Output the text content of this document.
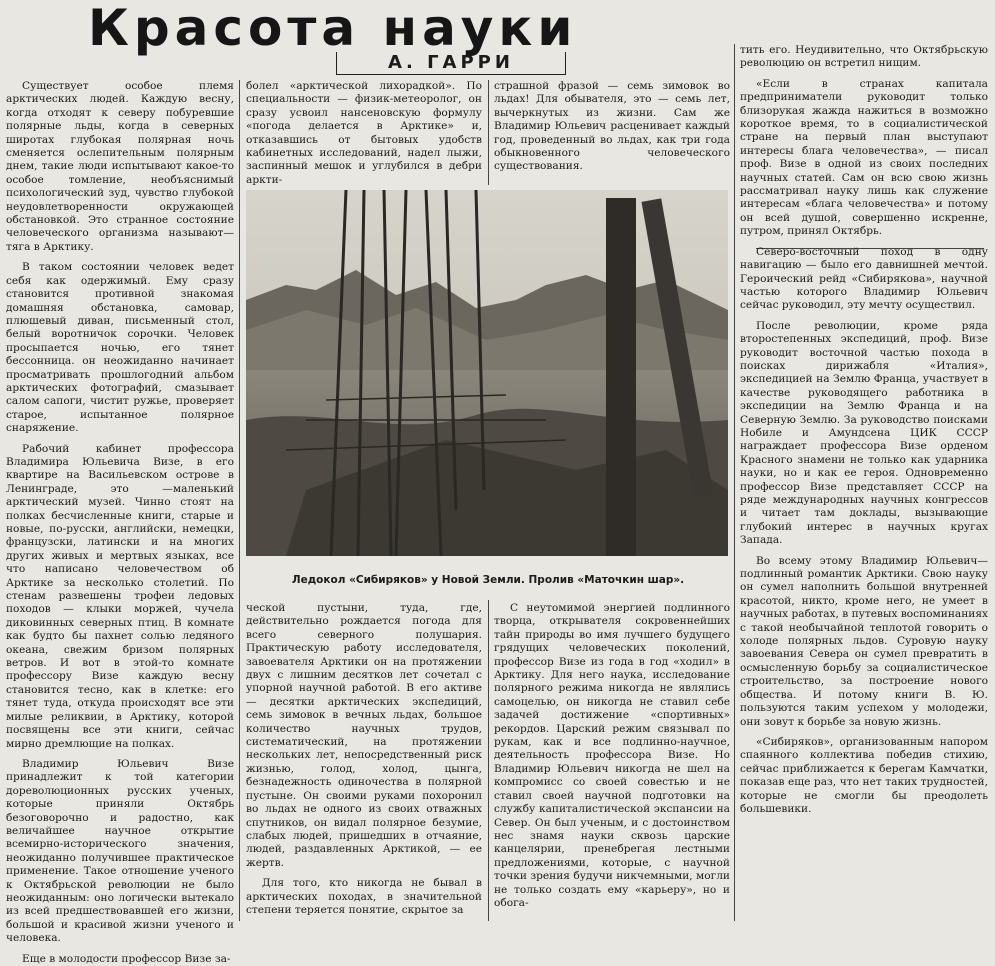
Красота науки
А. ГАРРИ

Существует особое племя арктических людей. Каждую весну, когда отходят к северу побуревшие полярные льды, когда в северных широтах глубокая полярная ночь сменяется ослепительным полярным днем, такие люди испытывают какое-то особое томление, необъяснимый психологический зуд, чувство глубокой неудовлетворенности окружающей обстановкой. Это странное состояние человеческого организма называют—тяга в Арктику.

В таком состоянии человек ведет себя как одержимый. Ему сразу становится противной знакомая домашняя обстановка, самовар, плюшевый диван, письменный стол, белый воротничок сорочки. Человек просыпается ночью, его тянет бессонница. он неожиданно начинает просматривать прошлогодний альбом арктических фотографий, смазывает салом сапоги, чистит ружье, проверяет старое, испытанное полярное снаряжение.

Рабочий кабинет профессора Владимира Юльевича Визе, в его квартире на Васильевском острове в Ленинграде, это —маленький арктический музей. Чинно стоят на полках бесчисленные книги, старые и новые, по-русски, английски, немецки, французски, латински и на многих других живых и мертвых языках, все что написано человечеством об Арктике за несколько столетий. По стенам развешены трофеи ледовых походов — клыки моржей, чучела диковинных северных птиц. В комнате как будто бы пахнет солью ледяного океана, свежим бризом полярных ветров. И вот в этой-то комнате профессору Визе каждую весну становится тесно, как в клетке: его тянет туда, откуда происходят все эти милые реликвии, в Арктику, которой посвящены все эти книги, сейчас мирно дремлющие на полках.

Владимир Юльевич Визе принадлежит к той категории дореволюционных русских ученых, которые приняли Октябрь безоговорочно и радостно, как величайшее научное открытие всемирно-исторического значения, неожиданно получившее практическое применение. Такое отношение ученого к Октябрьской революции не было неожиданным: оно логически вытекало из всей предшествовавшей его жизни, большой и красивой жизни ученого и человека.

Еще в молодости профессор Визе за-

болел «арктической лихорадкой». По специальности — физик-метеоролог, он сразу усвоил нансеновскую формулу «погода делается в Арктике» и, отказавшись от бытовых удобств кабинетных исследований, надел лыжи, заспинный мешок и углубился в дебри аркти-

страшной фразой — семь зимовок во льдах! Для обывателя, это — семь лет, вычеркнутых из жизни. Сам же Владимир Юльевич расценивает каждый год, проведенный во льдах, как три года обыкновенного человеческого существования.

Ледокол «Сибиряков» у Новой Земли. Пролив «Маточкин шар».

ческой пустыни, туда, где, действительно рождается погода для всего северного полушария. Практическую работу исследователя, завоевателя Арктики он на протяжении двух с лишним десятков лет сочетал с упорной научной работой. В его активе — десятки арктических экспедиций, семь зимовок в вечных льдах, большое количество научных трудов, систематический, на протяжении нескольких лет, непосредственный риск жизнью, голод, холод, цынга, безнадежность одиночества в полярной пустыне. Он своими руками похоронил во льдах не одного из своих отважных спутников, он видал полярное безумие, слабых людей, пришедших в отчаяние, людей, раздавленных Арктикой, — ее жертв.

Для того, кто никогда не бывал в арктических походах, в значительной степени теряется понятие, скрытое за

С неутомимой энергией подлинного творца, открывателя сокровеннейших тайн природы во имя лучшего будущего грядущих человеческих поколений, профессор Визе из года в год «ходил» в Арктику. Для него наука, исследование полярного режима никогда не являлись самоцелью, он никогда не ставил себе задачей достижение «спортивных» рекордов. Царский режим связывал по рукам, как и все подлинно-научное, деятельность профессора Визе. Но Владимир Юльевич никогда не шел на компромисс со своей совестью и не ставил своей научной подготовки на службу капиталистической экспансии на Север. Он был ученым, и с достоинством нес знамя науки сквозь царские канцелярии, пренебрегая лестными предложениями, которые, с научной точки зрения будучи никчемными, могли не только создать ему «карьеру», но и обога-

тить его. Неудивительно, что Октябрьскую революцию он встретил нищим.

«Если в странах капитала предприниматели руководит только близорукая жажда нажиться в возможно короткое время, то в социалистической стране на первый план выступают интересы блага человечества», — писал проф. Визе в одной из своих последних научных статей. Сам он всю свою жизнь рассматривал науку лишь как служение интересам «блага человечества» и потому он всей душой, совершенно искренне, путром, принял Октябрь.

Северо-восточный поход в одну навигацию — было его давнишней мечтой. Героический рейд «Сибирякова», научной частью которого Владимир Юльевич сейчас руководил, эту мечту осуществил.

После революции, кроме ряда второстепенных экспедиций, проф. Визе руководит восточной частью похода в поисках дирижабля «Италия», экспедицией на Землю Франца, участвует в качестве руководящего работника в экспедиции на Землю Франца и на Северную Землю. За руководство поисками Нобиле и Амундсена ЦИК СССР награждает профессора Визе орденом Красного знамени не только как ударника науки, но и как ее героя. Одновременно профессор Визе представляет СССР на ряде международных научных конгрессов и читает там доклады, вызывающие глубокий интерес в научных кругах Запада.

Во всему этому Владимир Юльевич—подлинный романтик Арктики. Свою науку он сумел наполнить большой внутренней красотой, никто, кроме него, не умеет в научных работах, в путевых воспоминаниях с такой необычайной теплотой говорить о холоде полярных льдов. Суровую науку завоевания Севера он сумел превратить в осмысленную борьбу за социалистическое строительство, за построение нового общества. И потому книги В. Ю. пользуются таким успехом у молодежи, они зовут к борьбе за новую жизнь.

«Сибиряков», организованным напором спаянного коллектива победив стихию, сейчас приближается к берегам Камчатки, показав еще раз, что нет таких трудностей, которые не смогли бы преодолеть большевики.
